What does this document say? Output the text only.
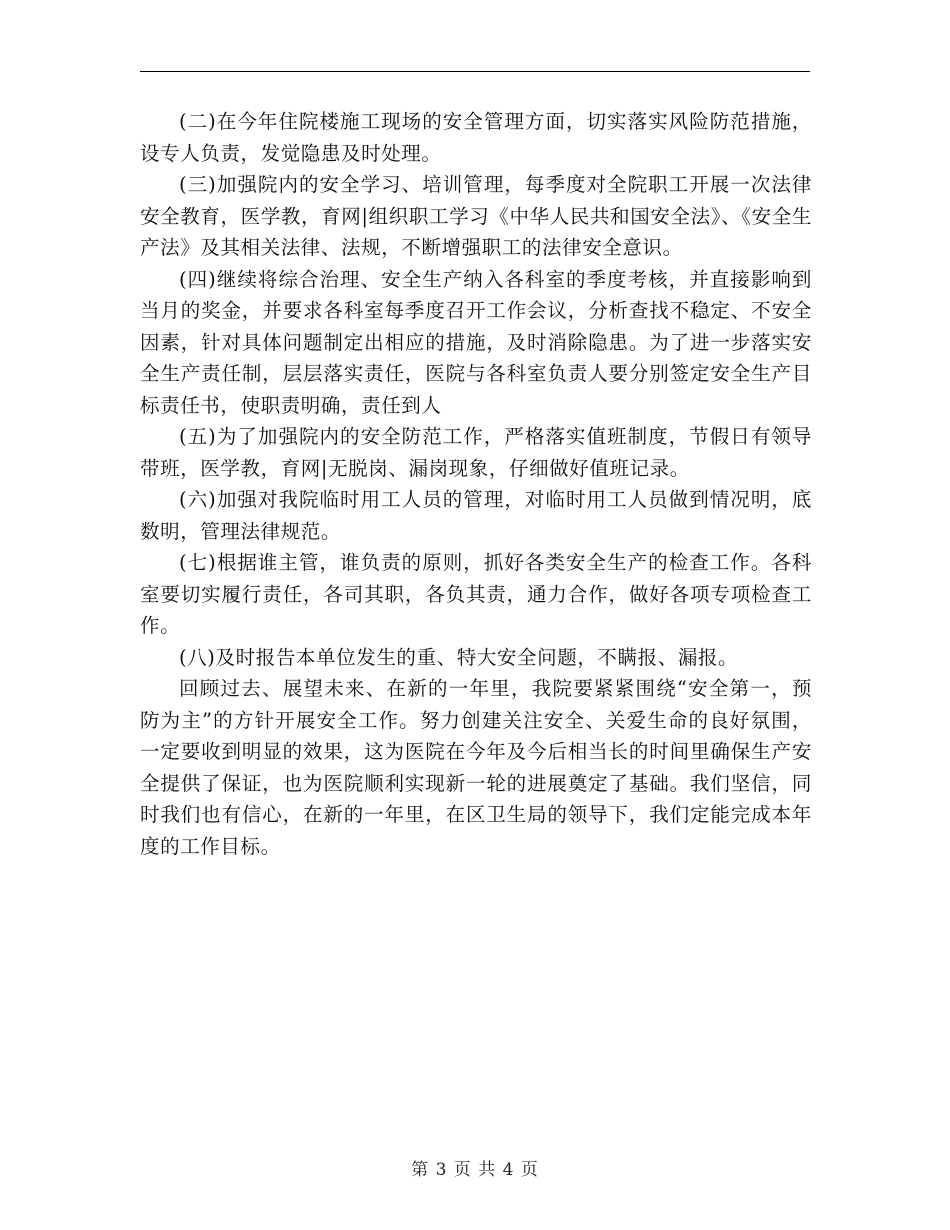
(二)在今年住院楼施工现场的安全管理方面，切实落实风险防范措施，设专人负责，发觉隐患及时处理。

(三)加强院内的安全学习、培训管理，每季度对全院职工开展一次法律安全教育，医学教，育网|组织职工学习《中华人民共和国安全法》、《安全生产法》及其相关法律、法规，不断增强职工的法律安全意识。

(四)继续将综合治理、安全生产纳入各科室的季度考核，并直接影响到当月的奖金，并要求各科室每季度召开工作会议，分析查找不稳定、不安全因素，针对具体问题制定出相应的措施，及时消除隐患。为了进一步落实安全生产责任制，层层落实责任，医院与各科室负责人要分别签定安全生产目标责任书，使职责明确，责任到人

(五)为了加强院内的安全防范工作，严格落实值班制度，节假日有领导带班，医学教，育网|无脱岗、漏岗现象，仔细做好值班记录。

(六)加强对我院临时用工人员的管理，对临时用工人员做到情况明，底数明，管理法律规范。

(七)根据谁主管，谁负责的原则，抓好各类安全生产的检查工作。各科室要切实履行责任，各司其职，各负其责，通力合作，做好各项专项检查工作。

(八)及时报告本单位发生的重、特大安全问题，不瞒报、漏报。

回顾过去、展望未来、在新的一年里，我院要紧紧围绕“安全第一，预防为主”的方针开展安全工作。努力创建关注安全、关爱生命的良好氛围，一定要收到明显的效果，这为医院在今年及今后相当长的时间里确保生产安全提供了保证，也为医院顺利实现新一轮的进展奠定了基础。我们坚信，同时我们也有信心，在新的一年里，在区卫生局的领导下，我们定能完成本年度的工作目标。

第 3 页 共 4 页
